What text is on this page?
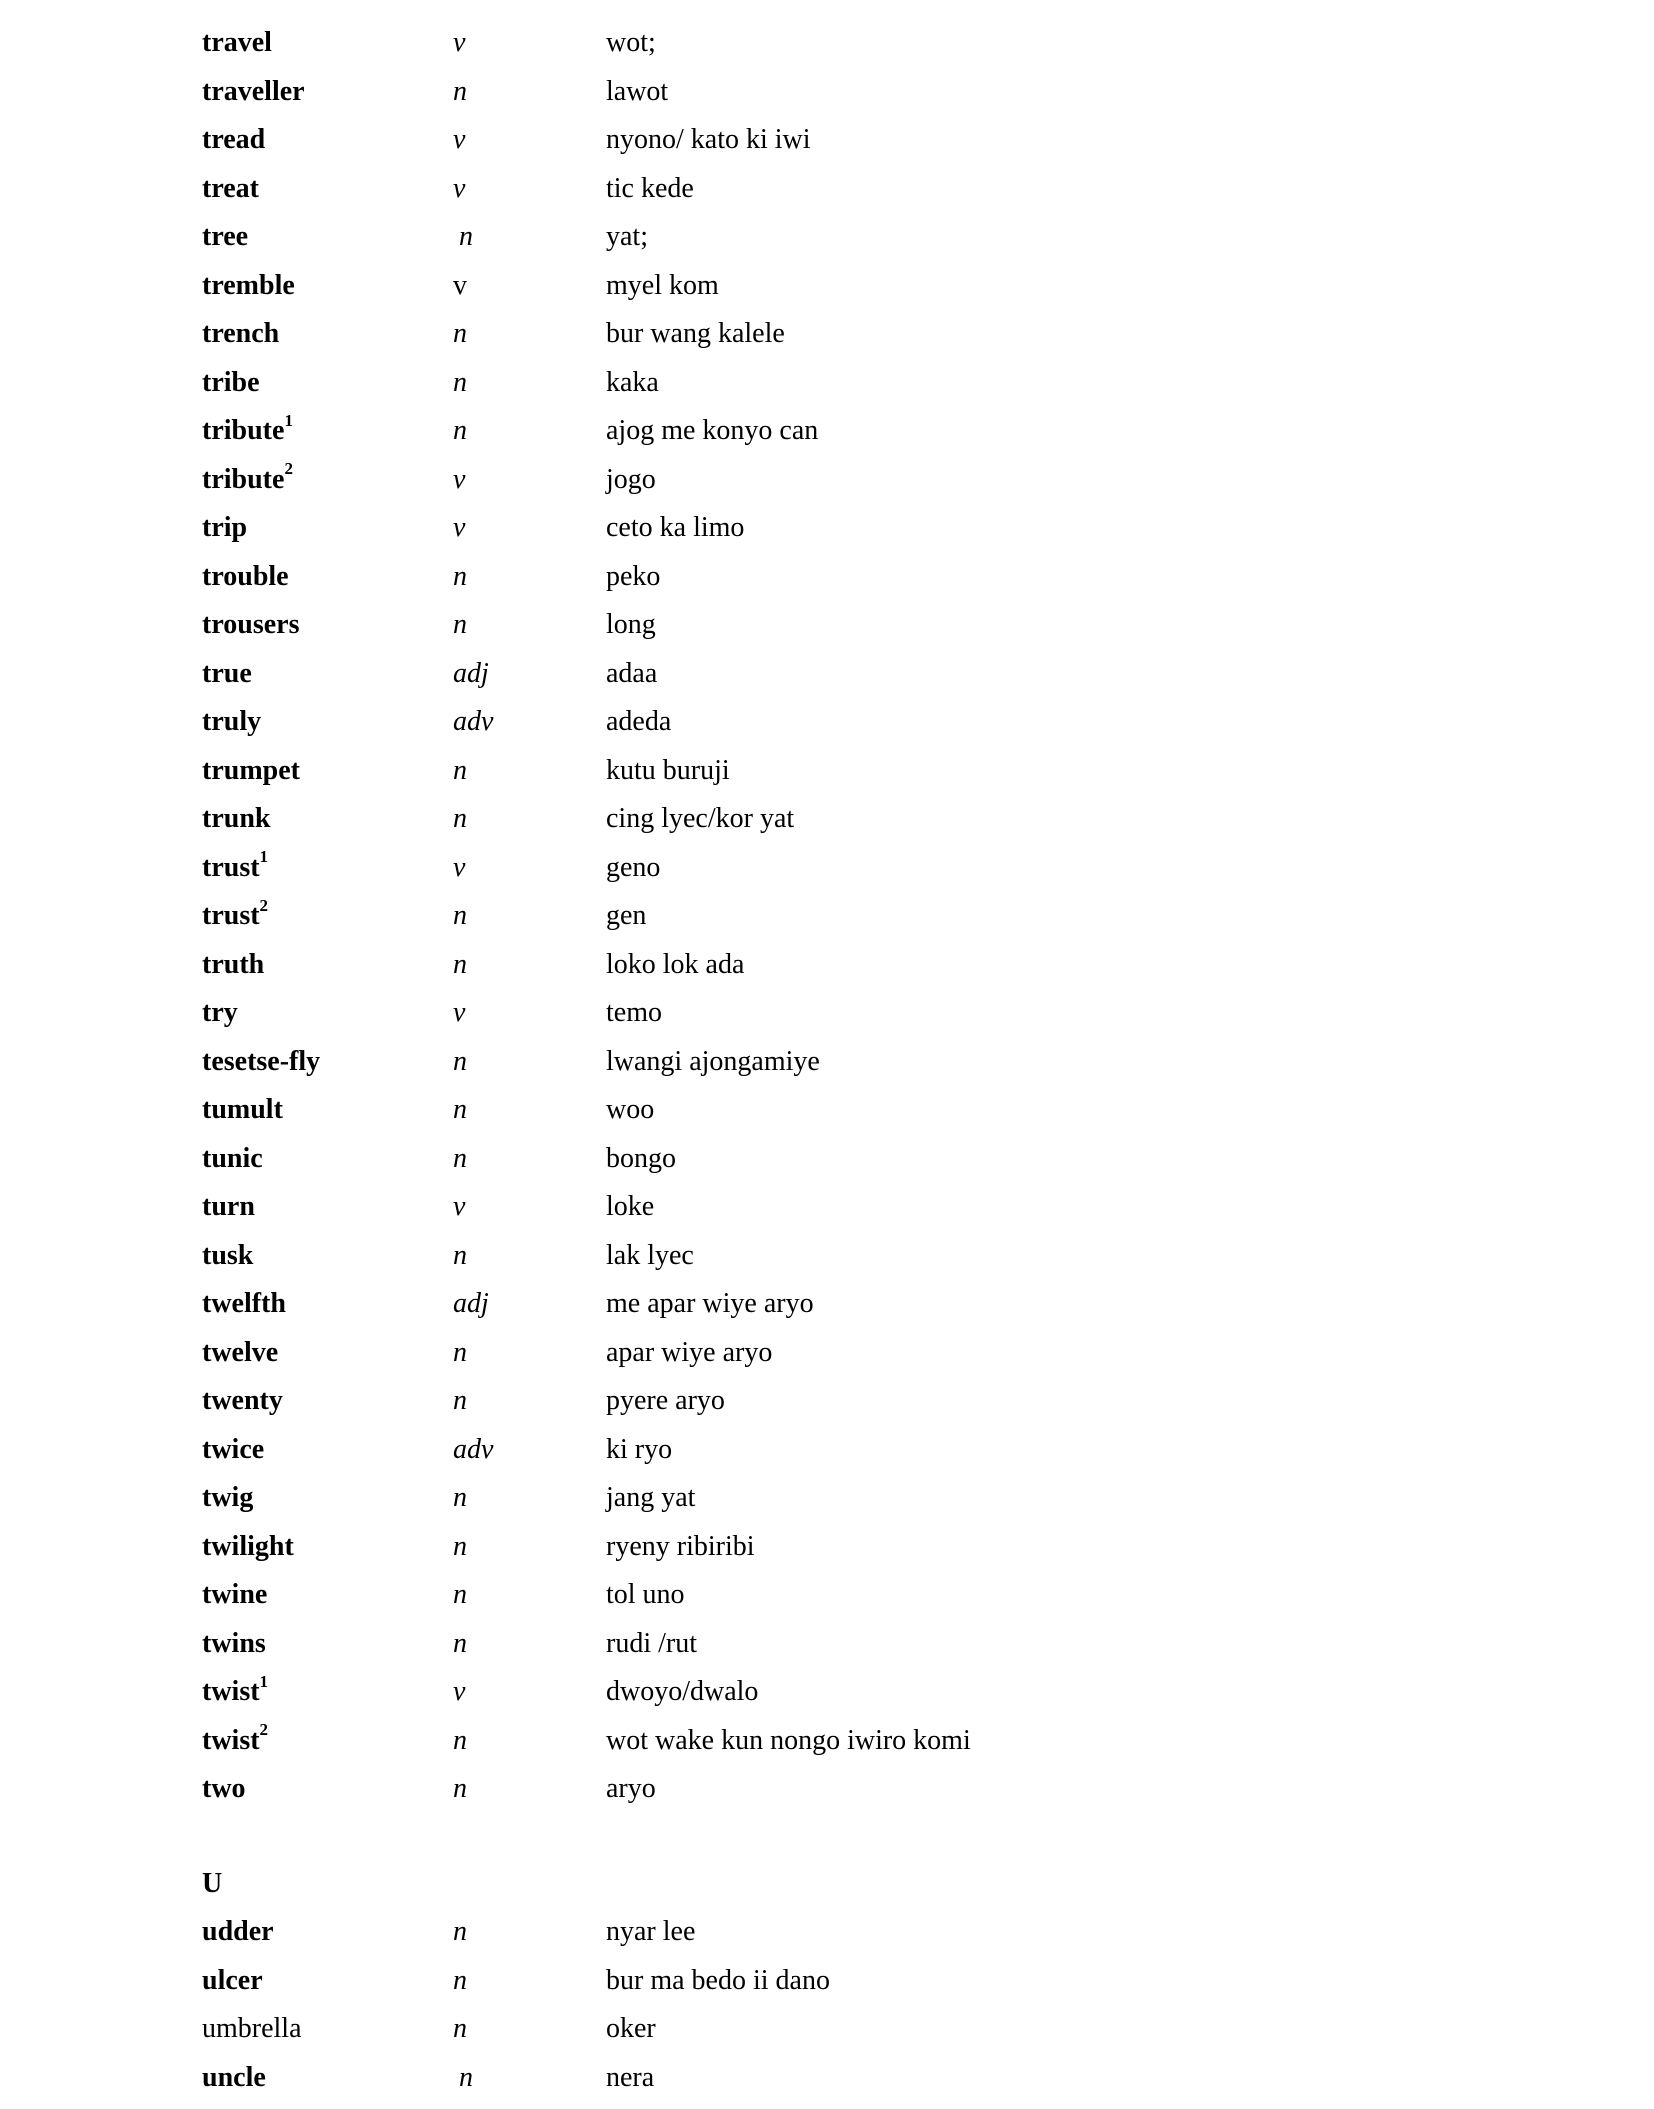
travel	v	wot;
traveller	n	lawot
tread	v	nyono/ kato ki iwi
treat	v	tic kede
tree	n	yat;
tremble	v	myel kom
trench	n	bur wang kalele
tribe	n	kaka
tribute$^1$	n	ajog me konyo can
tribute$^2$	v	jogo
trip	v	ceto ka limo
trouble	n	peko
trousers	n	long
true	adj	adaa
truly	adv	adeda
trumpet	n	kutu buruji
trunk	n	cing lyec/kor yat
trust$^1$	v	geno
trust$^2$	n	gen
truth	n	loko lok ada
try	v	temo
tesetse-fly	n	lwangi ajongamiye
tumult	n	woo
tunic	n	bongo
turn	v	loke
tusk	n	lak lyec
twelfth	adj	me apar wiye aryo
twelve	n	apar wiye aryo
twenty	n	pyere aryo
twice	adv	ki ryo
twig	n	jang yat
twilight	n	ryeny ribiribi
twine	n	tol uno
twins	n	rudi /rut
twist$^1$	v	dwoyo/dwalo
twist$^2$	n	wot wake kun nongo iwiro komi
two	n	aryo
U
udder	n	nyar lee
ulcer	n	bur ma bedo ii dano
umbrella	n	oker
uncle	n	nera
